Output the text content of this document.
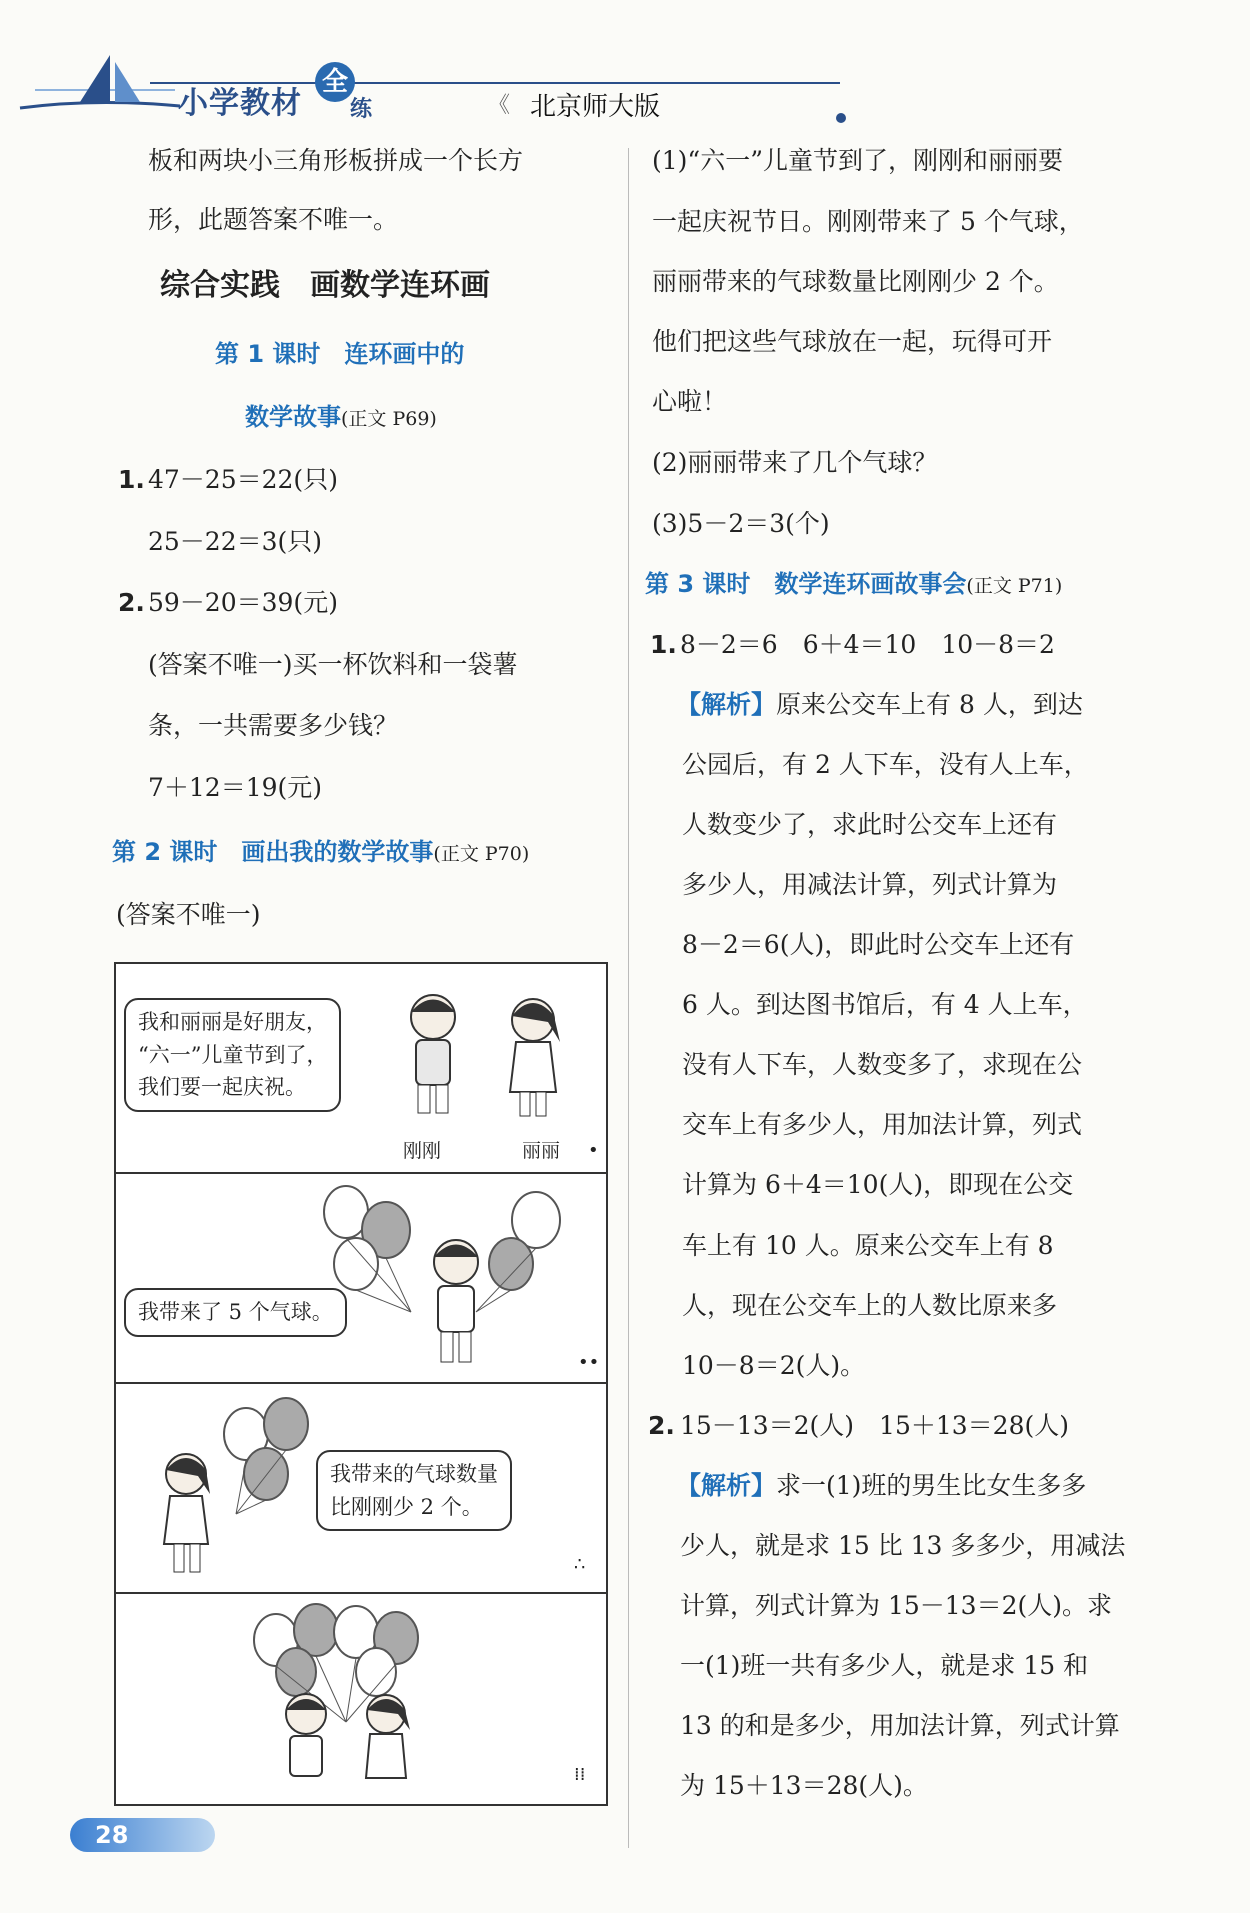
小学教材
全
练	《 北京师大版
板和两块小三角形板拼成一个长方
形，此题答案不唯一。
综合实践　画数学连环画
第 1 课时　连环画中的
数学故事(正文 P69)
1. 47－25＝22(只)
25－22＝3(只)
2. 59－20＝39(元)
(答案不唯一)买一杯饮料和一袋薯
条，一共需要多少钱？
7＋12＝19(元)
第 2 课时　画出我的数学故事(正文 P70)
(答案不唯一)
我和丽丽是好朋友，
“六一”儿童节到了，
我们要一起庆祝。
刚刚	丽丽 •
我带来了 5 个气球。
••
我带来的气球数量
比刚刚少 2 个。
∴
⁞⁞
(1)“六一”儿童节到了，刚刚和丽丽要
一起庆祝节日。刚刚带来了 5 个气球，
丽丽带来的气球数量比刚刚少 2 个。
他们把这些气球放在一起，玩得可开
心啦！
(2)丽丽带来了几个气球？
(3)5－2＝3(个)
第 3 课时　数学连环画故事会(正文 P71)
1. 8－2＝6　6＋4＝10　10－8＝2
【解析】原来公交车上有 8 人，到达
公园后，有 2 人下车，没有人上车，
人数变少了，求此时公交车上还有
多少人，用减法计算，列式计算为
8－2＝6(人)，即此时公交车上还有
6 人。到达图书馆后，有 4 人上车，
没有人下车，人数变多了，求现在公
交车上有多少人，用加法计算，列式
计算为 6＋4＝10(人)，即现在公交
车上有 10 人。原来公交车上有 8
人，现在公交车上的人数比原来多
10－8＝2(人)。
2. 15－13＝2(人)　15＋13＝28(人)
【解析】求一(1)班的男生比女生多多
少人，就是求 15 比 13 多多少，用减法
计算，列式计算为 15－13＝2(人)。求
一(1)班一共有多少人，就是求 15 和
13 的和是多少，用加法计算，列式计算
为 15＋13＝28(人)。
28
